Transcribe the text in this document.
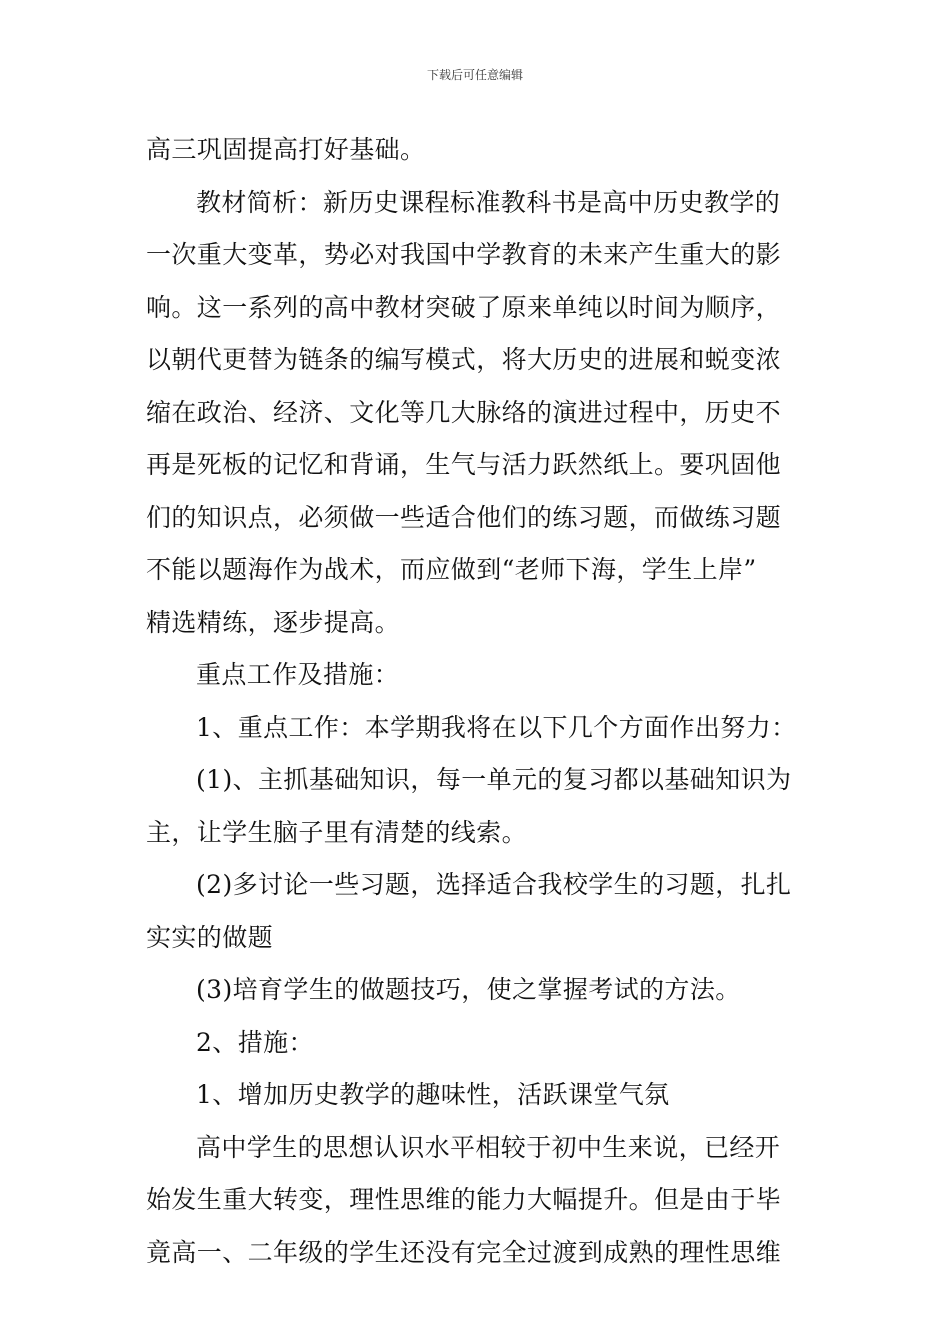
下载后可任意编辑
高三巩固提高打好基础。
教材简析：新历史课程标准教科书是高中历史教学的
一次重大变革，势必对我国中学教育的未来产生重大的影
响。这一系列的高中教材突破了原来单纯以时间为顺序，
以朝代更替为链条的编写模式，将大历史的进展和蜕变浓
缩在政治、经济、文化等几大脉络的演进过程中，历史不
再是死板的记忆和背诵，生气与活力跃然纸上。要巩固他
们的知识点，必须做一些适合他们的练习题，而做练习题
不能以题海作为战术，而应做到“老师下海，学生上岸”
精选精练，逐步提高。
重点工作及措施：
1、重点工作：本学期我将在以下几个方面作出努力：
(1)、主抓基础知识，每一单元的复习都以基础知识为
主，让学生脑子里有清楚的线索。
(2)多讨论一些习题，选择适合我校学生的习题，扎扎
实实的做题
(3)培育学生的做题技巧，使之掌握考试的方法。
2、措施：
1、增加历史教学的趣味性，活跃课堂气氛
高中学生的思想认识水平相较于初中生来说，已经开
始发生重大转变，理性思维的能力大幅提升。但是由于毕
竟高一、二年级的学生还没有完全过渡到成熟的理性思维
